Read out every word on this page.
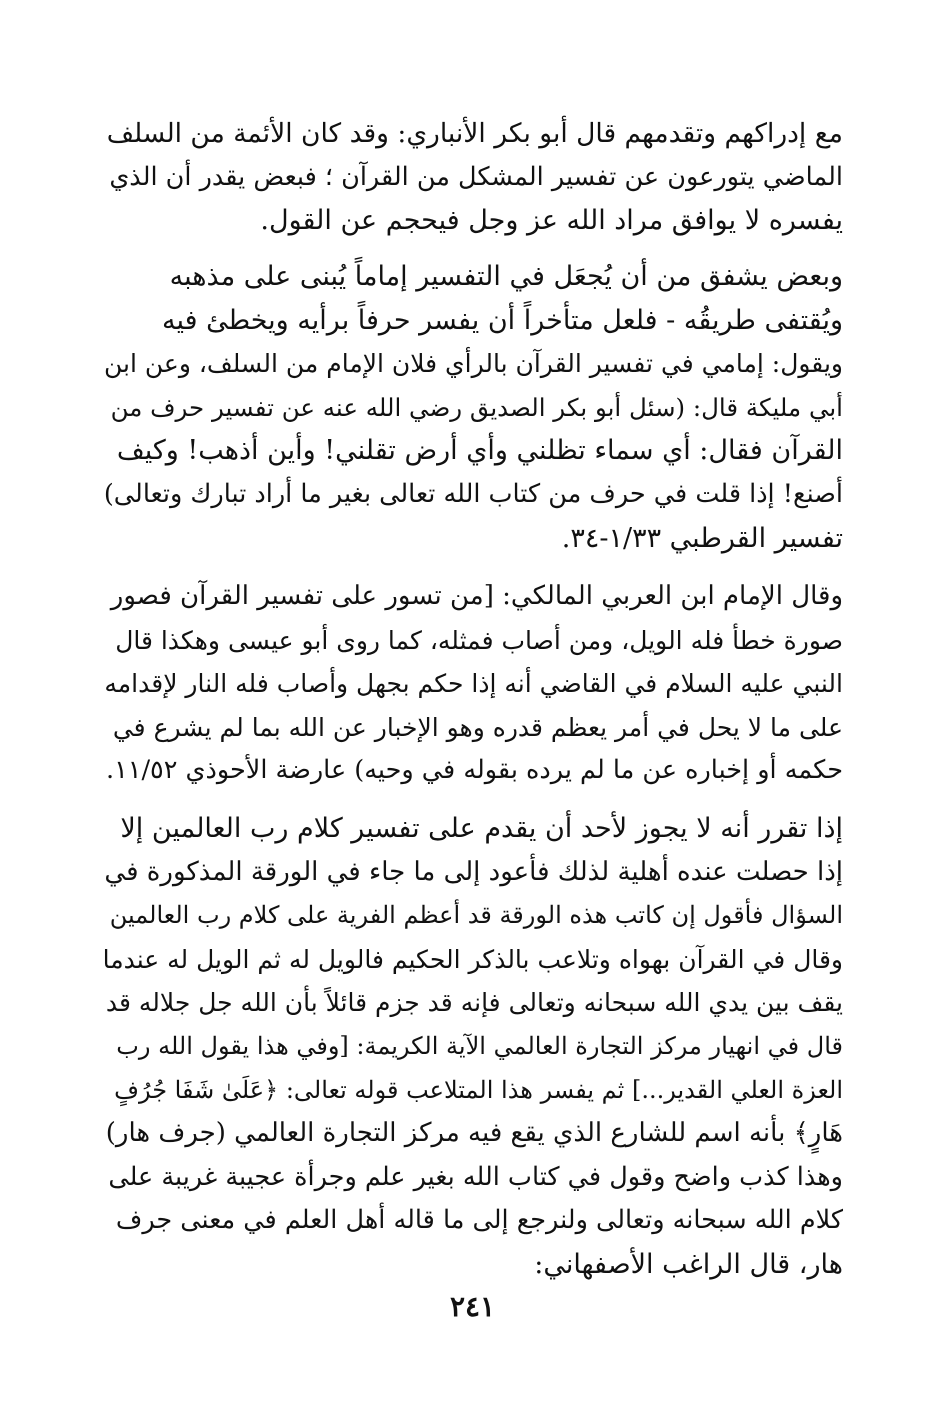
مع إدراكهم وتقدمهم قال أبو بكر الأنباري: وقد كان الأئمة من السلف
الماضي يتورعون عن تفسير المشكل من القرآن ؛ فبعض يقدر أن الذي
يفسره لا يوافق مراد الله عز وجل فيحجم عن القول.
وبعض يشفق من أن يُجعَل في التفسير إماماً يُبنى على مذهبه
ويُقتفى طريقُه - فلعل متأخراً أن يفسر حرفاً برأيه ويخطئ فيه
ويقول: إمامي في تفسير القرآن بالرأي فلان الإمام من السلف، وعن ابن
أبي مليكة قال: (سئل أبو بكر الصديق رضي الله عنه عن تفسير حرف من
القرآن فقال: أي سماء تظلني وأي أرض تقلني! وأين أذهب! وكيف
أصنع! إذا قلت في حرف من كتاب الله تعالى بغير ما أراد تبارك وتعالى)
تفسير القرطبي ١/٣٣-٣٤.
وقال الإمام ابن العربي المالكي: [من تسور على تفسير القرآن فصور
صورة خطأ فله الويل، ومن أصاب فمثله، كما روى أبو عيسى وهكذا قال
النبي عليه السلام في القاضي أنه إذا حكم بجهل وأصاب فله النار لإقدامه
على ما لا يحل في أمر يعظم قدره وهو الإخبار عن الله بما لم يشرع في
حكمه أو إخباره عن ما لم يرده بقوله في وحيه) عارضة الأحوذي ١١/٥٢.
إذا تقرر أنه لا يجوز لأحد أن يقدم على تفسير كلام رب العالمين إلا
إذا حصلت عنده أهلية لذلك فأعود إلى ما جاء في الورقة المذكورة في
السؤال فأقول إن كاتب هذه الورقة قد أعظم الفرية على كلام رب العالمين
وقال في القرآن بهواه وتلاعب بالذكر الحكيم فالويل له ثم الويل له عندما
يقف بين يدي الله سبحانه وتعالى فإنه قد جزم قائلاً بأن الله جل جلاله قد
قال في انهيار مركز التجارة العالمي الآية الكريمة: [وفي هذا يقول الله رب
العزة العلي القدير...] ثم يفسر هذا المتلاعب قوله تعالى: ﴿عَلَىٰ شَفَا جُرُفٍ
هَارٍ﴾ بأنه اسم للشارع الذي يقع فيه مركز التجارة العالمي (جرف هار)
وهذا كذب واضح وقول في كتاب الله بغير علم وجرأة عجيبة غريبة على
كلام الله سبحانه وتعالى ولنرجع إلى ما قاله أهل العلم في معنى جرف
هار، قال الراغب الأصفهاني:
٢٤١
